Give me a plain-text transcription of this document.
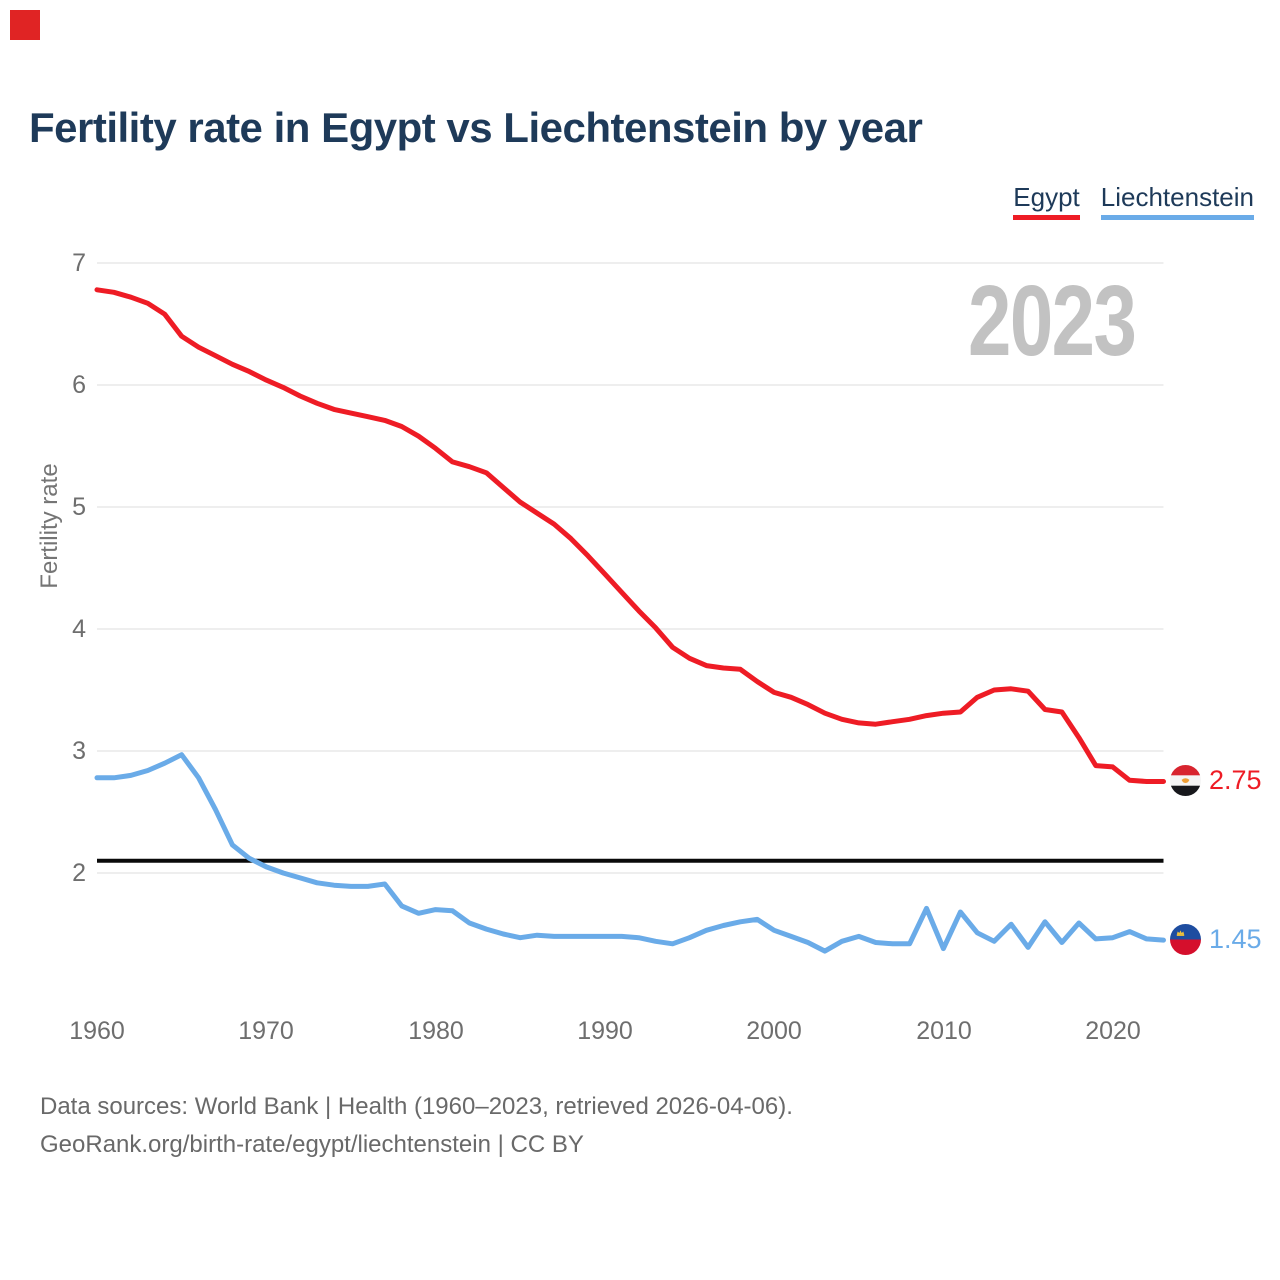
Fertility rate in Egypt vs Liechtenstein by year
Egypt Liechtenstein
2023
7
6
5
4
3
2
1960	1970	1980	1990	2000	2010	2020
Fertility rate
2.75
1.45
Data sources: World Bank | Health (1960–2023, retrieved 2026-04-06).
GeoRank.org/birth-rate/egypt/liechtenstein | CC BY
